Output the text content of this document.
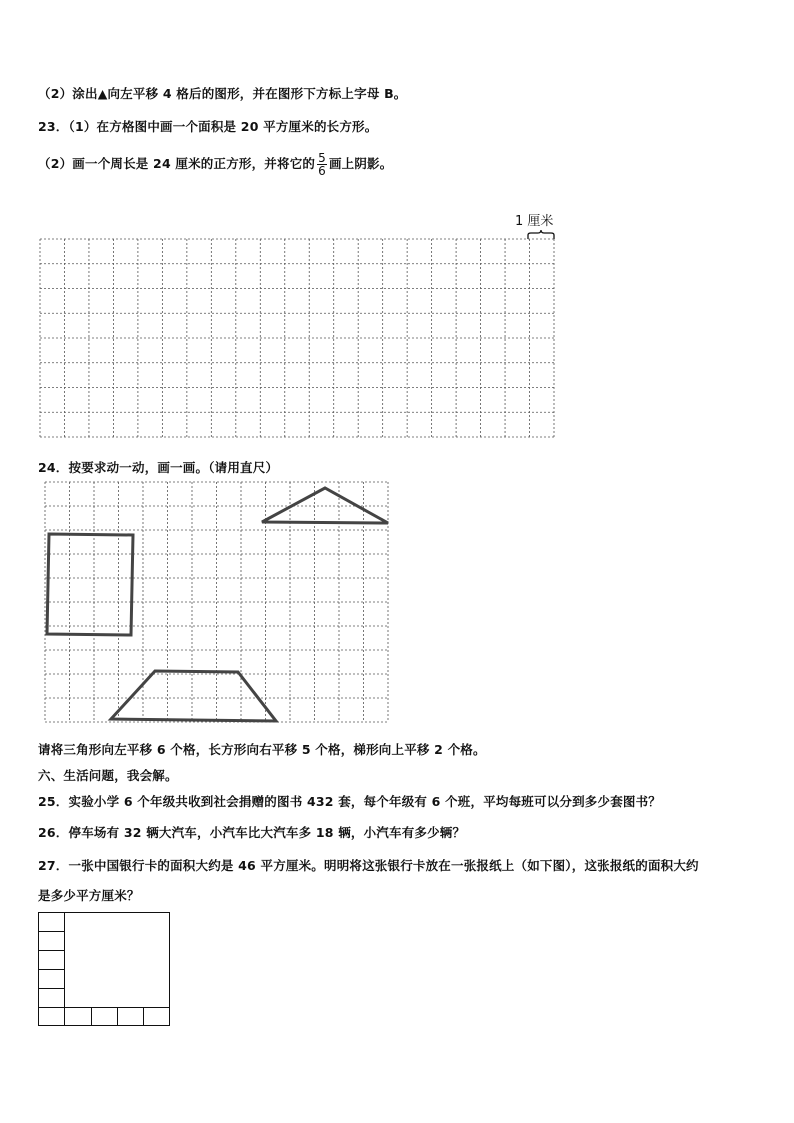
（2）涂出▲向左平移 4 格后的图形，并在图形下方标上字母 B。
23．（1）在方格图中画一个面积是 20 平方厘米的长方形。
（2）画一个周长是 24 厘米的正方形，并将它的 $\frac{5}{6}$ 画上阴影。
1 厘米
24．按要求动一动，画一画。（请用直尺）
请将三角形向左平移 6 个格，长方形向右平移 5 个格，梯形向上平移 2 个格。
六、生活问题，我会解。
25．实验小学 6 个年级共收到社会捐赠的图书 432 套，每个年级有 6 个班，平均每班可以分到多少套图书？
26．停车场有 32 辆大汽车，小汽车比大汽车多 18 辆，小汽车有多少辆？
27．一张中国银行卡的面积大约是 46 平方厘米。明明将这张银行卡放在一张报纸上（如下图），这张报纸的面积大约
是多少平方厘米？
